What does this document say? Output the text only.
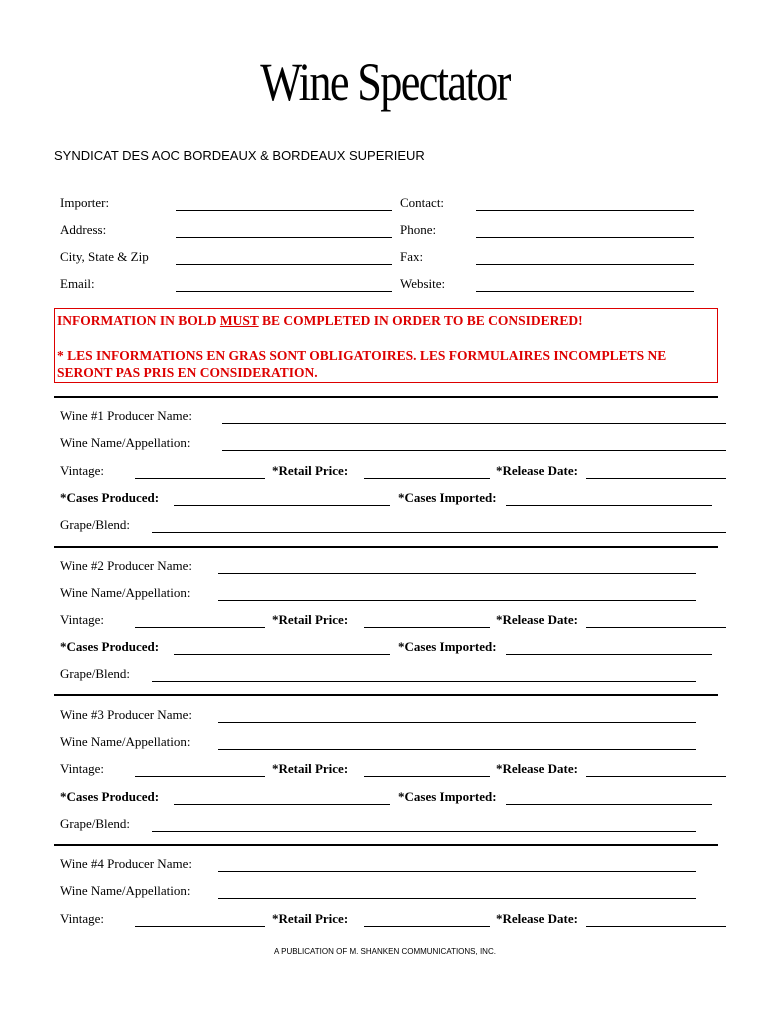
Wine Spectator
SYNDICAT DES AOC BORDEAUX & BORDEAUX SUPERIEUR
Importer:	Contact:
Address:	Phone:
City, State & Zip	Fax:
Email:	Website:
INFORMATION IN BOLD MUST BE COMPLETED IN ORDER TO BE CONSIDERED!
* LES INFORMATIONS EN GRAS SONT OBLIGATOIRES. LES FORMULAIRES INCOMPLETS NE SERONT PAS PRIS EN CONSIDERATION.
Wine #1 Producer Name:
Wine Name/Appellation:
Vintage:	*Retail Price:	*Release Date:
*Cases Produced:	*Cases Imported:
Grape/Blend:
Wine #2 Producer Name:
Wine Name/Appellation:
Vintage:	*Retail Price:	*Release Date:
*Cases Produced:	*Cases Imported:
Grape/Blend:
Wine #3 Producer Name:
Wine Name/Appellation:
Vintage:	*Retail Price:	*Release Date:
*Cases Produced:	*Cases Imported:
Grape/Blend:
Wine #4 Producer Name:
Wine Name/Appellation:
Vintage:	*Retail Price:	*Release Date:
A PUBLICATION OF M. SHANKEN COMMUNICATIONS, INC.
